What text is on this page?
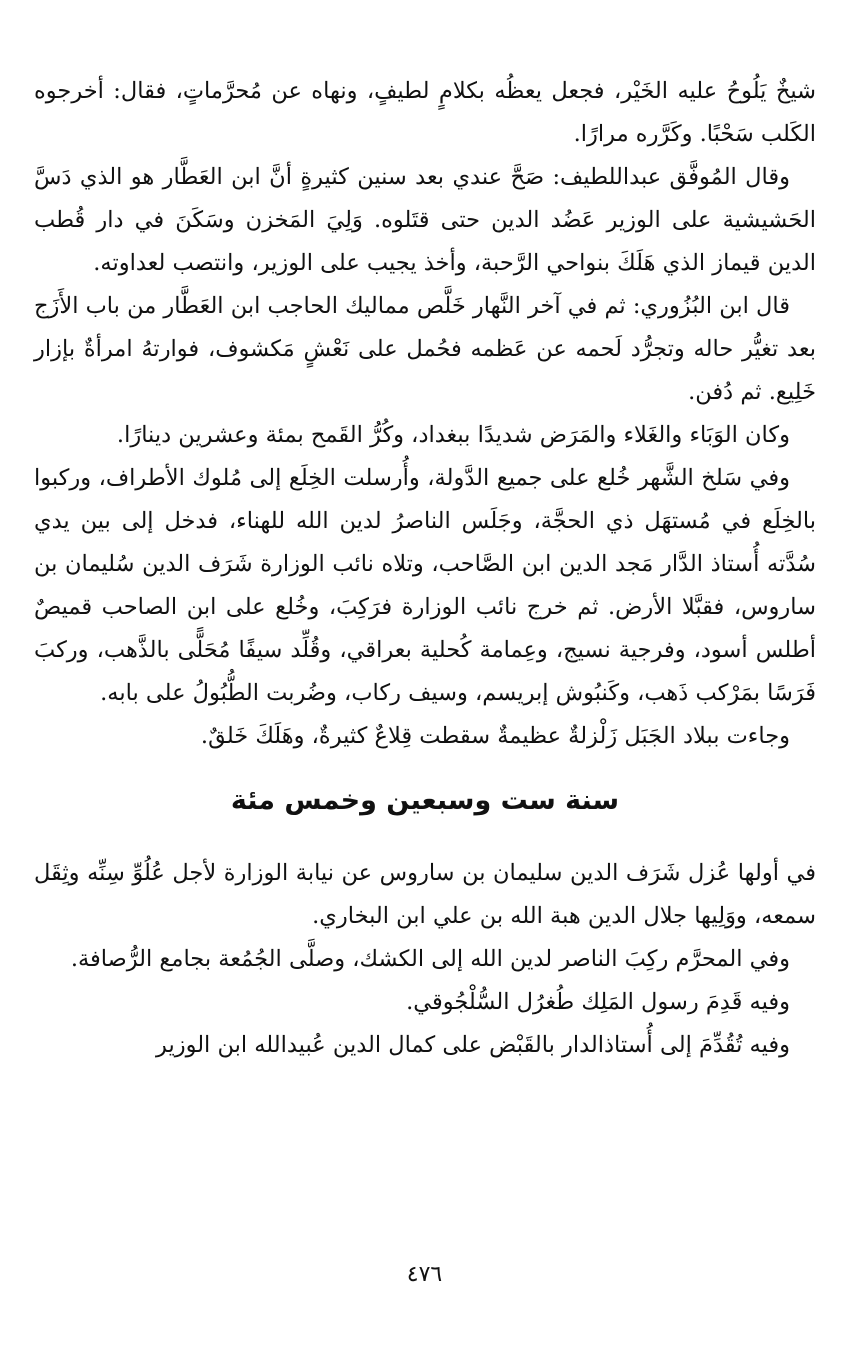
شيخٌ يَلُوحُ عليه الخَيْر، فجعل يعظُه بكلامٍ لطيفٍ، ونهاه عن مُحرَّماتٍ، فقال: أخرجوه الكَلب سَحْبًا. وكَرَّره مرارًا.

وقال المُوفَّق عبداللطيف: صَحَّ عندي بعد سنين كثيرةٍ أنَّ ابن العَطَّار هو الذي دَسَّ الحَشيشية على الوزير عَضُد الدين حتى قتَلوه. وَلِيَ المَخزن وسَكَنَ في دار قُطب الدين قيماز الذي هَلَكَ بنواحي الرَّحبة، وأخذ يجيب على الوزير، وانتصب لعداوته.

قال ابن البُزُوري: ثم في آخر النَّهار خَلَّص مماليك الحاجب ابن العَطَّار من باب الأَزَج بعد تغيُّر حاله وتجرُّد لَحمه عن عَظمه فحُمل على نَعْشٍ مَكشوف، فوارتهُ امرأةٌ بإزار خَلِيع. ثم دُفن.

وكان الوَبَاء والغَلاء والمَرَض شديدًا ببغداد، وكُرُّ القَمح بمئة وعشرين دينارًا.

وفي سَلخ الشَّهر خُلع على جميع الدَّولة، وأُرسلت الخِلَع إلى مُلوك الأطراف، وركبوا بالخِلَع في مُستهَل ذي الحجَّة، وجَلَس الناصرُ لدين الله للهناء، فدخل إلى بين يدي سُدَّته أُستاذ الدَّار مَجد الدين ابن الصَّاحب، وتلاه نائب الوزارة شَرَف الدين سُليمان بن ساروس، فقبَّلا الأرض. ثم خرج نائب الوزارة فرَكِبَ، وخُلع على ابن الصاحب قميصٌ أطلس أسود، وفرجية نسيج، وعِمامة كُحلية بعراقي، وقُلِّد سيفًا مُحَلًّى بالذَّهب، وركبَ فَرَسًا بمَرْكب ذَهب، وكَنبُوش إبريسم، وسيف ركاب، وضُربت الطُّبُولُ على بابه.

وجاءت ببلاد الجَبَل زَلْزلةٌ عظيمةٌ سقطت قِلاعٌ كثيرةٌ، وهَلَكَ خَلقٌ.

سنة ست وسبعين وخمس مئة

في أولها عُزل شَرَف الدين سليمان بن ساروس عن نيابة الوزارة لأجل عُلُوِّ سِنِّه وثِقَل سمعه، ووَلِيها جلال الدين هبة الله بن علي ابن البخاري.

وفي المحرَّم ركِبَ الناصر لدين الله إلى الكشك، وصلَّى الجُمُعة بجامع الرُّصافة.

وفيه قَدِمَ رسول المَلِك طُغرُل السُّلْجُوقي.

وفيه تُقُدِّمَ إلى أُستاذالدار بالقَبْض على كمال الدين عُبيدالله ابن الوزير

٤٧٦
